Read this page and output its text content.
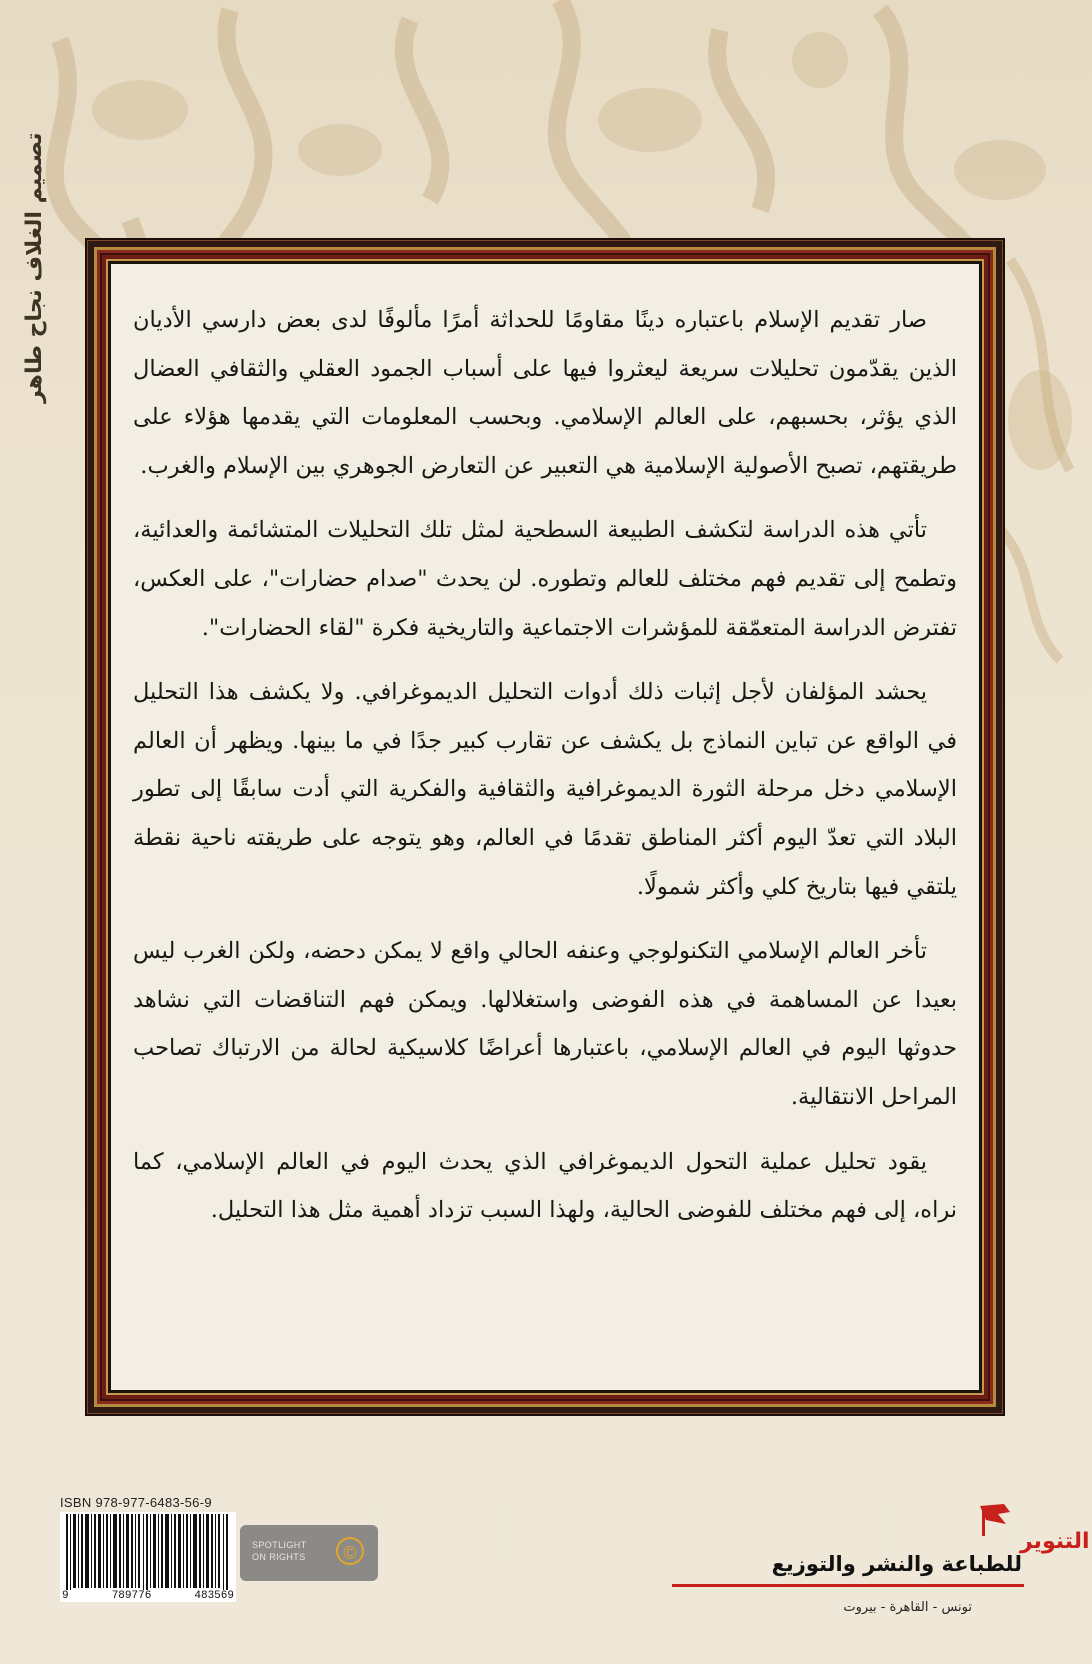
تصميم الغلاف نجاح طاهر	صار تقديم الإسلام باعتباره دينًا مقاومًا للحداثة أمرًا مألوفًا لدى بعض دارسي الأديان الذين يقدّمون تحليلات سريعة ليعثروا فيها على أسباب الجمود العقلي والثقافي العضال الذي يؤثر، بحسبهم، على العالم الإسلامي. وبحسب المعلومات التي يقدمها هؤلاء على طريقتهم، تصبح الأصولية الإسلامية هي التعبير عن التعارض الجوهري بين الإسلام والغرب.

تأتي هذه الدراسة لتكشف الطبيعة السطحية لمثل تلك التحليلات المتشائمة والعدائية، وتطمح إلى تقديم فهم مختلف للعالم وتطوره. لن يحدث "صدام حضارات"، على العكس، تفترض الدراسة المتعمّقة للمؤشرات الاجتماعية والتاريخية فكرة "لقاء الحضارات".

يحشد المؤلفان لأجل إثبات ذلك أدوات التحليل الديموغرافي. ولا يكشف هذا التحليل في الواقع عن تباين النماذج بل يكشف عن تقارب كبير جدًا في ما بينها. ويظهر أن العالم الإسلامي دخل مرحلة الثورة الديموغرافية والثقافية والفكرية التي أدت سابقًا إلى تطور البلاد التي تعدّ اليوم أكثر المناطق تقدمًا في العالم، وهو يتوجه على طريقته ناحية نقطة يلتقي فيها بتاريخ كلي وأكثر شمولًا.

تأخر العالم الإسلامي التكنولوجي وعنفه الحالي واقع لا يمكن دحضه، ولكن الغرب ليس بعيدا عن المساهمة في هذه الفوضى واستغلالها. ويمكن فهم التناقضات التي نشاهد حدوثها اليوم في العالم الإسلامي، باعتبارها أعراضًا كلاسيكية لحالة من الارتباك تصاحب المراحل الانتقالية.

يقود تحليل عملية التحول الديموغرافي الذي يحدث اليوم في العالم الإسلامي، كما نراه، إلى فهم مختلف للفوضى الحالية، ولهذا السبب تزداد أهمية مثل هذا التحليل.

ISBN 978-977-6483-56-9
9	789776	483569
SPOTLIGHT
ON RIGHTS	©	التنوير
للطباعة والنشر والتوزيع
تونس - القاهرة - بيروت
